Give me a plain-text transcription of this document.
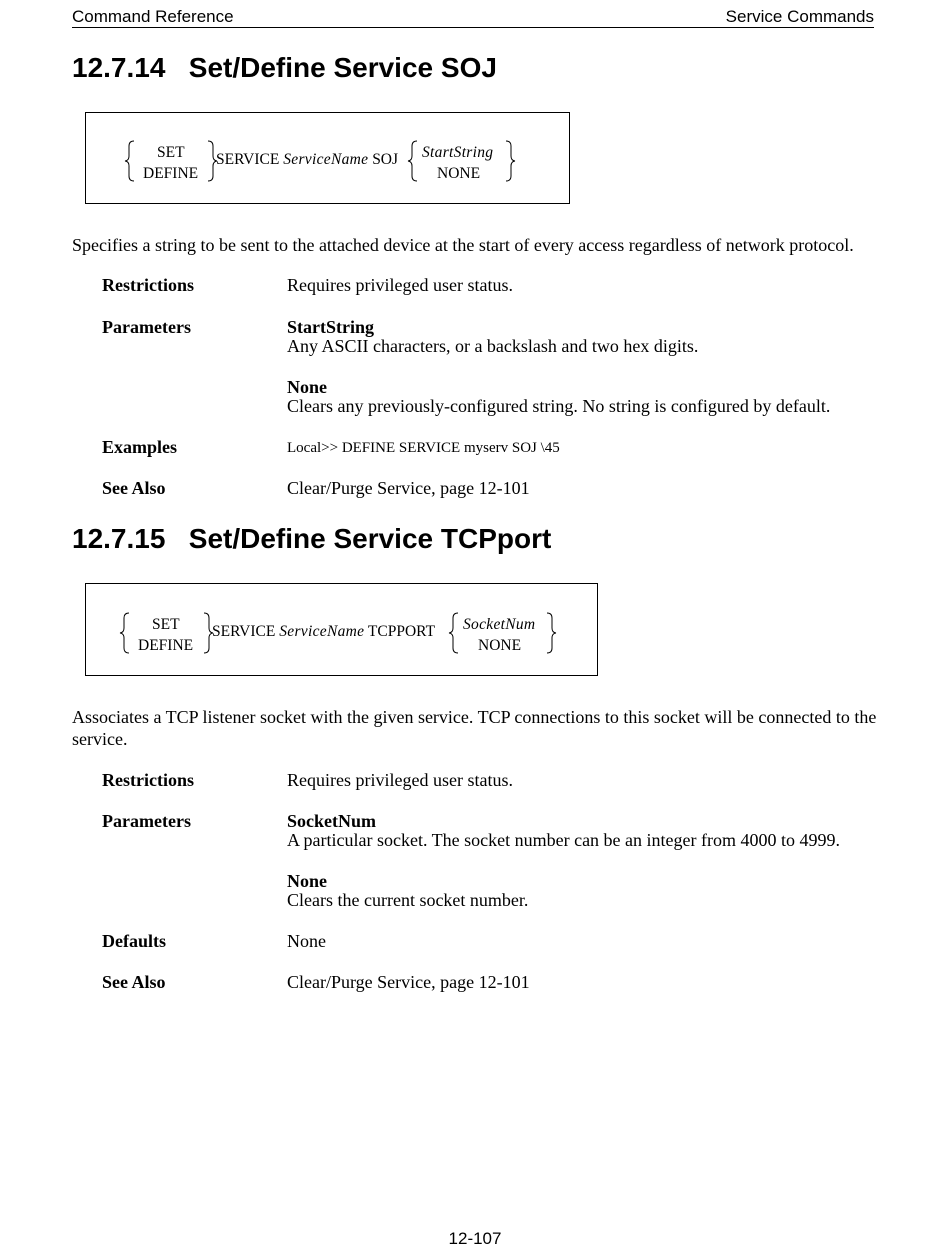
Command Reference	Service Commands
12.7.14 Set/Define Service SOJ
SET
DEFINE
SERVICE ServiceName SOJ StartString
NONE
Specifies a string to be sent to the attached device at the start of every access regardless of network protocol.
Restrictions	Requires privileged user status.
Parameters	StartString
Any ASCII characters, or a backslash and two hex digits.
None
Clears any previously-configured string. No string is configured by default.
Examples	Local>> DEFINE SERVICE myserv SOJ \45
See Also	Clear/Purge Service, page 12-101
12.7.15 Set/Define Service TCPport
SET
DEFINE
SERVICE ServiceName TCPPORT SocketNum
NONE
Associates a TCP listener socket with the given service. TCP connections to this socket will be connected to the service.
Restrictions	Requires privileged user status.
Parameters	SocketNum
A particular socket. The socket number can be an integer from 4000 to 4999.
None
Clears the current socket number.
Defaults	None
See Also	Clear/Purge Service, page 12-101
12-107
